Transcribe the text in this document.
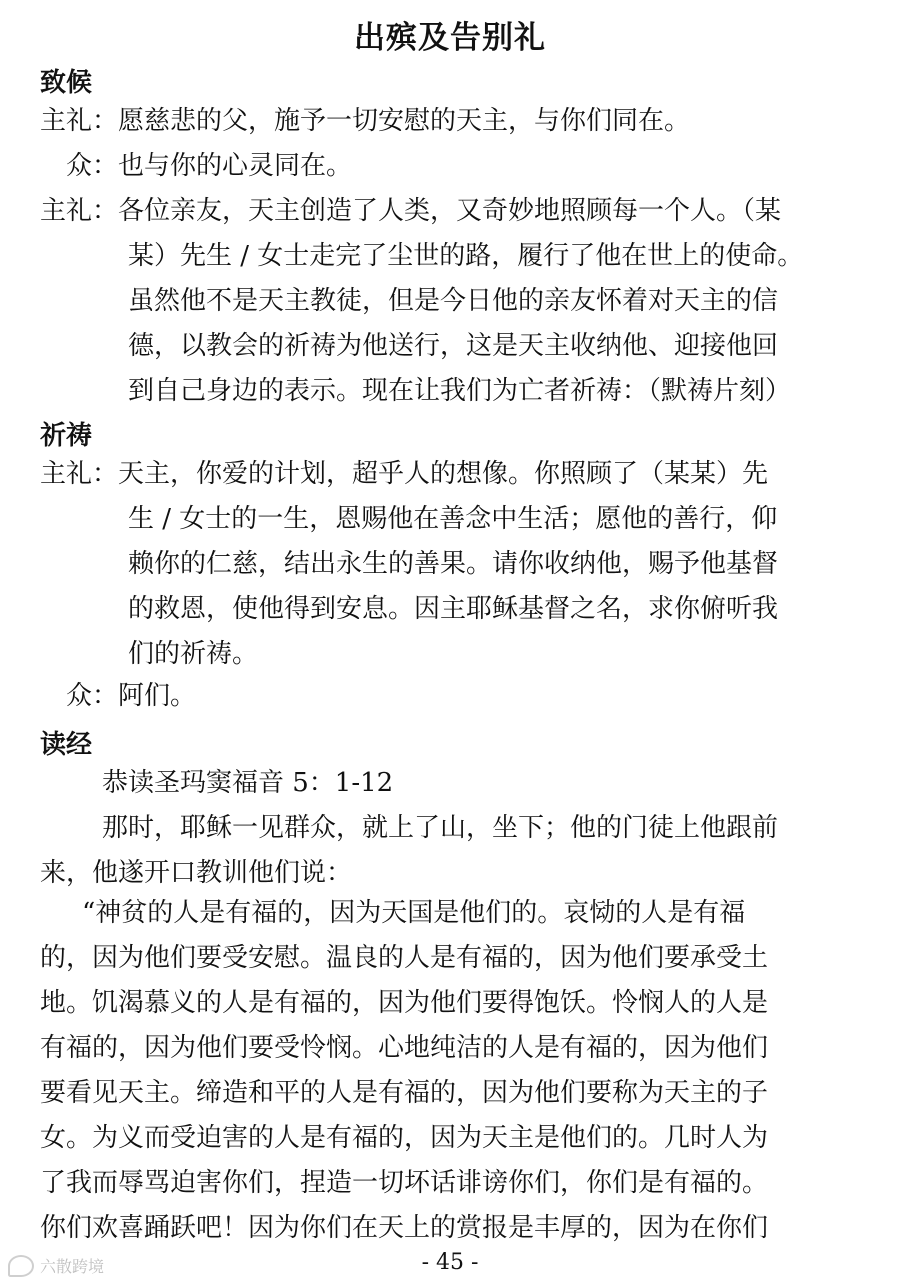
出殡及告别礼
致候
主礼：愿慈悲的父，施予一切安慰的天主，与你们同在。
众：也与你的心灵同在。
主礼：各位亲友，天主创造了人类，又奇妙地照顾每一个人。（某
某）先生 / 女士走完了尘世的路，履行了他在世上的使命。
虽然他不是天主教徒，但是今日他的亲友怀着对天主的信
德，以教会的祈祷为他送行，这是天主收纳他、迎接他回
到自己身边的表示。现在让我们为亡者祈祷：（默祷片刻）
祈祷
主礼：天主，你爱的计划，超乎人的想像。你照顾了（某某）先
生 / 女士的一生，恩赐他在善念中生活；愿他的善行，仰
赖你的仁慈，结出永生的善果。请你收纳他，赐予他基督
的救恩，使他得到安息。因主耶稣基督之名，求你俯听我
们的祈祷。
众：阿们。
读经
恭读圣玛窦福音 5：1-12
那时，耶稣一见群众，就上了山，坐下；他的门徒上他跟前
来，他遂开口教训他们说：
“神贫的人是有福的，因为天国是他们的。哀恸的人是有福
的，因为他们要受安慰。温良的人是有福的，因为他们要承受土
地。饥渴慕义的人是有福的，因为他们要得饱饫。怜悯人的人是
有福的，因为他们要受怜悯。心地纯洁的人是有福的，因为他们
要看见天主。缔造和平的人是有福的，因为他们要称为天主的子
女。为义而受迫害的人是有福的，因为天主是他们的。几时人为
了我而辱骂迫害你们，捏造一切坏话诽谤你们，你们是有福的。
你们欢喜踊跃吧！因为你们在天上的赏报是丰厚的，因为在你们
- 45 -
六散跨境
